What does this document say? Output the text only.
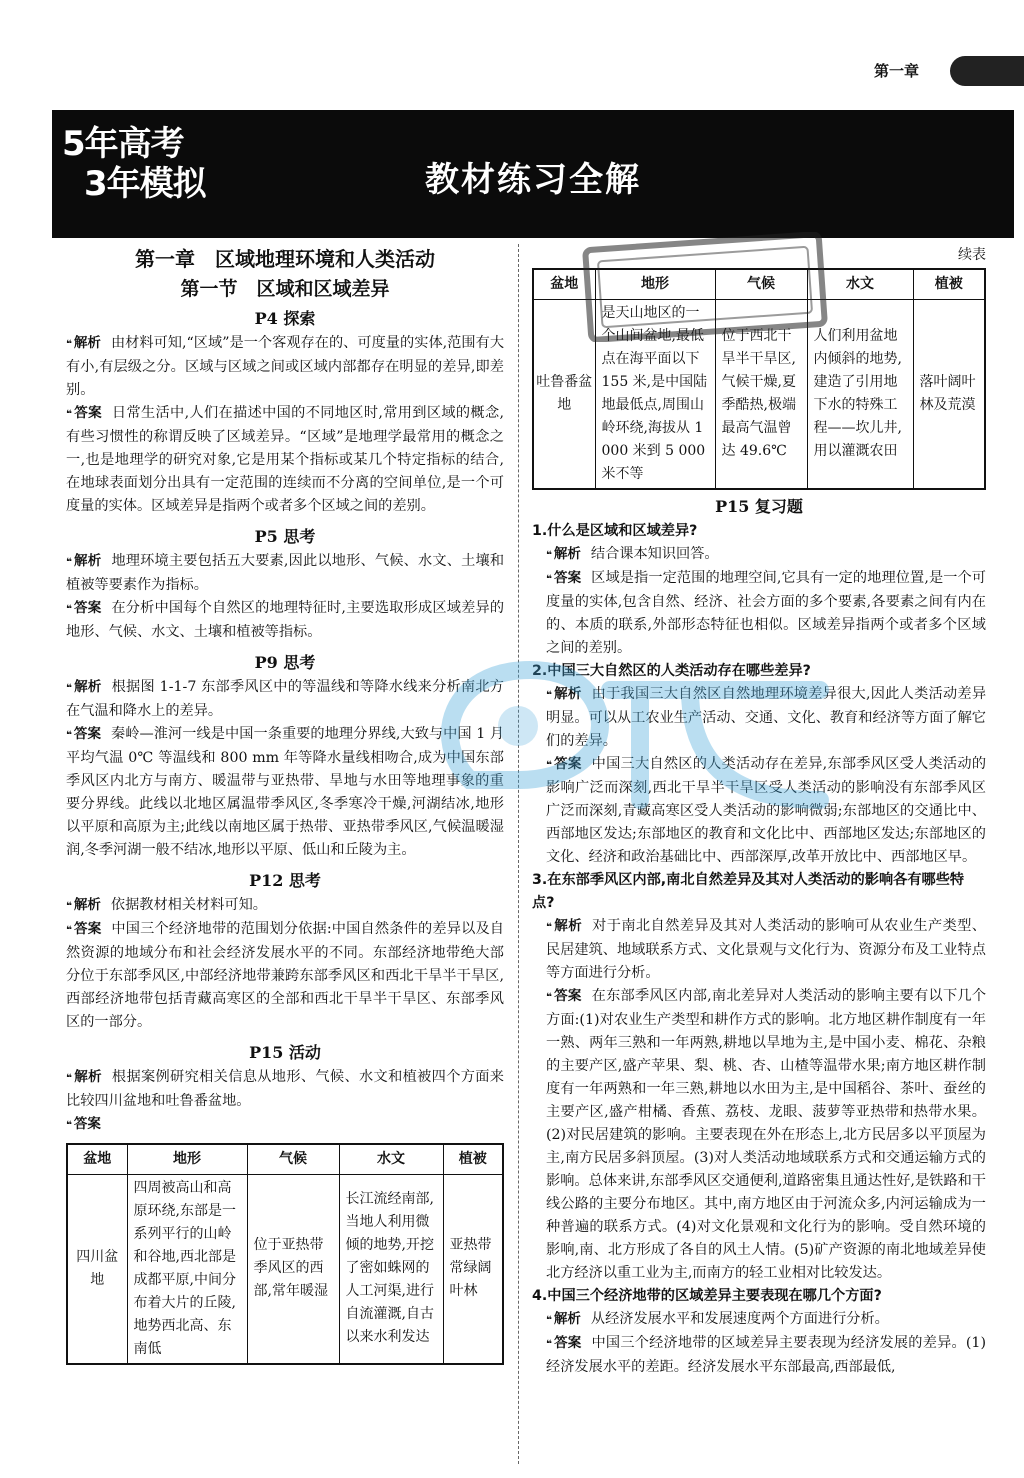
第一章
5年高考
3年模拟	教材练习全解
第一章　区域地理环境和人类活动
第一节　区域和区域差异
P4 探索

❝ 解析 由材料可知,“区域”是一个客观存在的、可度量的实体,范围有大有小,有层级之分。区域与区域之间或区域内部都存在明显的差异,即差别。

❝ 答案 日常生活中,人们在描述中国的不同地区时,常用到区域的概念,有些习惯性的称谓反映了区域差异。“区域”是地理学最常用的概念之一,也是地理学的研究对象,它是用某个指标或某几个特定指标的结合,在地球表面划分出具有一定范围的连续而不分离的空间单位,是一个可度量的实体。区域差异是指两个或者多个区域之间的差别。

P5 思考

❝ 解析 地理环境主要包括五大要素,因此以地形、气候、水文、土壤和植被等要素作为指标。

❝ 答案 在分析中国每个自然区的地理特征时,主要选取形成区域差异的地形、气候、水文、土壤和植被等指标。

P9 思考

❝ 解析 根据图 1-1-7 东部季风区中的等温线和等降水线来分析南北方在气温和降水上的差异。

❝ 答案 秦岭—淮河一线是中国一条重要的地理分界线,大致与中国 1 月平均气温 0℃ 等温线和 800 mm 年等降水量线相吻合,成为中国东部季风区内北方与南方、暖温带与亚热带、旱地与水田等地理事象的重要分界线。此线以北地区属温带季风区,冬季寒冷干燥,河湖结冰,地形以平原和高原为主;此线以南地区属于热带、亚热带季风区,气候温暖湿润,冬季河湖一般不结冰,地形以平原、低山和丘陵为主。

P12 思考

❝ 解析 依据教材相关材料可知。

❝ 答案 中国三个经济地带的范围划分依据:中国自然条件的差异以及自然资源的地域分布和社会经济发展水平的不同。东部经济地带绝大部分位于东部季风区,中部经济地带兼跨东部季风区和西北干旱半干旱区,西部经济地带包括青藏高寒区的全部和西北干旱半干旱区、东部季风区的一部分。

P15 活动

❝ 解析 根据案例研究相关信息从地形、气候、水文和植被四个方面来比较四川盆地和吐鲁番盆地。

❝ 答案

盆地	地形	气候	水文	植被
四川盆地	四周被高山和高原环绕,东部是一系列平行的山岭和谷地,西北部是成都平原,中间分布着大片的丘陵,地势西北高、东南低	位于亚热带季风区的西部,常年暖湿	长江流经南部,当地人利用微倾的地势,开挖了密如蛛网的人工河渠,进行自流灌溉,自古以来水利发达	亚热带常绿阔叶林
续表
盆地	地形	气候	水文	植被
吐鲁番盆地	是天山地区的一个山间盆地,最低点在海平面以下 155 米,是中国陆地最低点,周围山岭环绕,海拔从 1 000 米到 5 000 米不等	位于西北干旱半干旱区,气候干燥,夏季酷热,极端最高气温曾达 49.6℃	人们利用盆地内倾斜的地势,建造了引用地下水的特殊工程——坎儿井,用以灌溉农田	落叶阔叶林及荒漠
P15 复习题
1.什么是区域和区域差异?

❝ 解析 结合课本知识回答。

❝ 答案 区域是指一定范围的地理空间,它具有一定的地理位置,是一个可度量的实体,包含自然、经济、社会方面的多个要素,各要素之间有内在的、本质的联系,外部形态特征也相似。区域差异指两个或者多个区域之间的差别。

2.中国三大自然区的人类活动存在哪些差异?

❝ 解析 由于我国三大自然区自然地理环境差异很大,因此人类活动差异明显。可以从工农业生产活动、交通、文化、教育和经济等方面了解它们的差异。

❝ 答案 中国三大自然区的人类活动存在差异,东部季风区受人类活动的影响广泛而深刻,西北干旱半干旱区受人类活动的影响没有东部季风区广泛而深刻,青藏高寒区受人类活动的影响微弱;东部地区的交通比中、西部地区发达;东部地区的教育和文化比中、西部地区发达;东部地区的文化、经济和政治基础比中、西部深厚,改革开放比中、西部地区早。

3.在东部季风区内部,南北自然差异及其对人类活动的影响各有哪些特点?

❝ 解析 对于南北自然差异及其对人类活动的影响可从农业生产类型、民居建筑、地域联系方式、文化景观与文化行为、资源分布及工业特点等方面进行分析。

❝ 答案 在东部季风区内部,南北差异对人类活动的影响主要有以下几个方面:(1)对农业生产类型和耕作方式的影响。北方地区耕作制度有一年一熟、两年三熟和一年两熟,耕地以旱地为主,是中国小麦、棉花、杂粮的主要产区,盛产苹果、梨、桃、杏、山楂等温带水果;南方地区耕作制度有一年两熟和一年三熟,耕地以水田为主,是中国稻谷、茶叶、蚕丝的主要产区,盛产柑橘、香蕉、荔枝、龙眼、菠萝等亚热带和热带水果。(2)对民居建筑的影响。主要表现在外在形态上,北方民居多以平顶屋为主,南方民居多斜顶屋。(3)对人类活动地域联系方式和交通运输方式的影响。总体来讲,东部季风区交通便利,道路密集且通达性好,是铁路和干线公路的主要分布地区。其中,南方地区由于河流众多,内河运输成为一种普遍的联系方式。(4)对文化景观和文化行为的影响。受自然环境的影响,南、北方形成了各自的风土人情。(5)矿产资源的南北地域差异使北方经济以重工业为主,而南方的轻工业相对比较发达。

4.中国三个经济地带的区域差异主要表现在哪几个方面?

❝ 解析 从经济发展水平和发展速度两个方面进行分析。

❝ 答案 中国三个经济地带的区域差异主要表现为经济发展的差异。(1)经济发展水平的差距。经济发展水平东部最高,西部最低,
